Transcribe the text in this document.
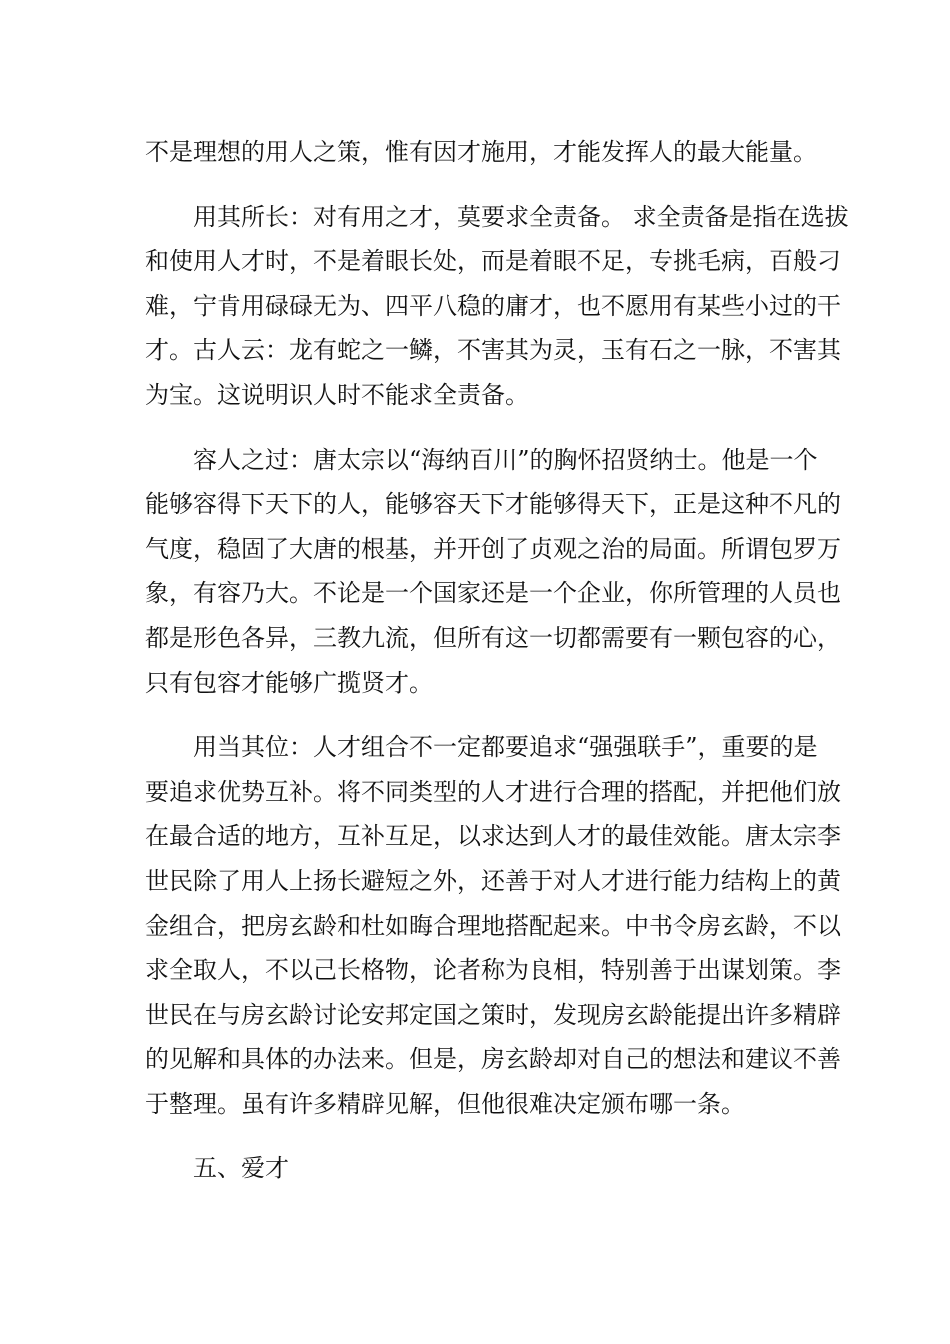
不是理想的用人之策，惟有因才施用，才能发挥人的最大能量。
用其所长：对有用之才，莫要求全责备。 求全责备是指在选拔
和使用人才时，不是着眼长处，而是着眼不足，专挑毛病，百般刁
难，宁肯用碌碌无为、四平八稳的庸才，也不愿用有某些小过的干
才。古人云：龙有蛇之一鳞，不害其为灵，玉有石之一脉，不害其
为宝。这说明识人时不能求全责备。
容人之过：唐太宗以“海纳百川”的胸怀招贤纳士。他是一个
能够容得下天下的人，能够容天下才能够得天下，正是这种不凡的
气度，稳固了大唐的根基，并开创了贞观之治的局面。所谓包罗万
象，有容乃大。不论是一个国家还是一个企业，你所管理的人员也
都是形色各异，三教九流，但所有这一切都需要有一颗包容的心，
只有包容才能够广揽贤才。
用当其位：人才组合不一定都要追求“强强联手”，重要的是
要追求优势互补。将不同类型的人才进行合理的搭配，并把他们放
在最合适的地方，互补互足，以求达到人才的最佳效能。唐太宗李
世民除了用人上扬长避短之外，还善于对人才进行能力结构上的黄
金组合，把房玄龄和杜如晦合理地搭配起来。中书令房玄龄，不以
求全取人，不以己长格物，论者称为良相，特别善于出谋划策。李
世民在与房玄龄讨论安邦定国之策时，发现房玄龄能提出许多精辟
的见解和具体的办法来。但是，房玄龄却对自己的想法和建议不善
于整理。虽有许多精辟见解，但他很难决定颁布哪一条。
五、爱才
